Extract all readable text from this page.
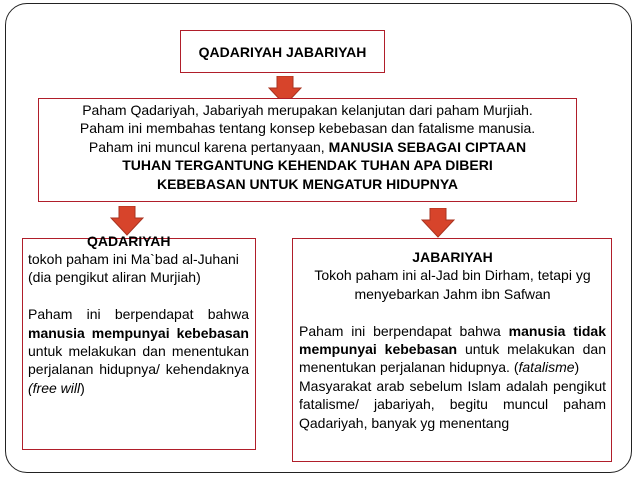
QADARIYAH JABARIYAH

Paham Qadariyah, Jabariyah merupakan kelanjutan dari paham Murjiah.

Paham ini membahas tentang konsep kebebasan dan fatalisme manusia.

Paham ini muncul karena pertanyaan, MANUSIA SEBAGAI CIPTAAN

TUHAN TERGANTUNG KEHENDAK TUHAN APA DIBERI

KEBEBASAN UNTUK MENGATUR HIDUPNYA

QADARIYAH

tokoh paham ini Ma`bad al-Juhani (dia pengikut aliran Murjiah)

Paham ini berpendapat bahwa manusia mempunyai kebebasan untuk melakukan dan menentukan perjalanan hidupnya/ kehendaknya (free will)

JABARIYAH

Tokoh paham ini al-Jad bin Dirham, tetapi yg menyebarkan Jahm ibn Safwan

Paham ini berpendapat bahwa manusia tidak mempunyai kebebasan untuk melakukan dan menentukan perjalanan hidupnya. (fatalisme)

Masyarakat arab sebelum Islam adalah pengikut fatalisme/ jabariyah, begitu muncul paham Qadariyah, banyak yg menentang
